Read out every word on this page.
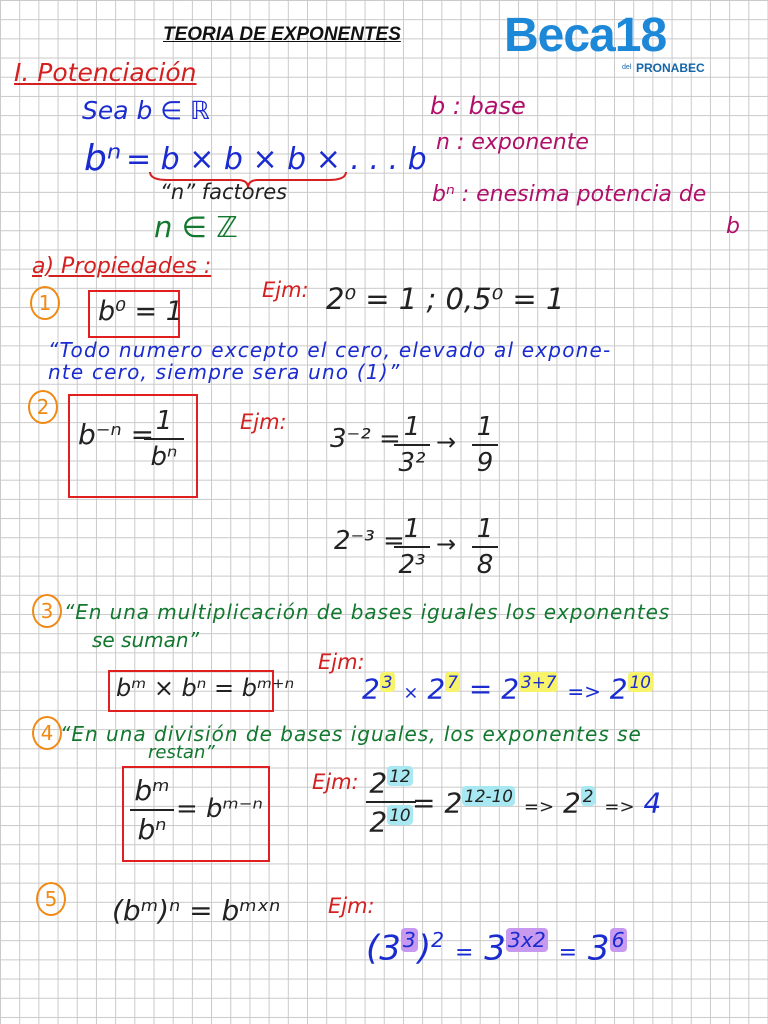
TEORIA DE EXPONENTES Beca18
del PRONABEC
I. Potenciación
Sea b ∈ ℝ
bⁿ = b × b × b × . . . b
“n” factores
n ∈ ℤ
b : base
n : exponente
bⁿ : enesima potencia de
b
a) Propiedades :
1	b⁰ = 1
Ejm: 2⁰ = 1 ; 0,5⁰ = 1
“Todo numero excepto el cero, elevado al expone-
nte cero, siempre sera uno (1)”
2
b⁻ⁿ = 1
bⁿ
Ejm:
3⁻² = 1
3²
→ 1
9
2⁻³ =
1
2³
→ 1
8
3 “En una multiplicación de bases iguales los exponentes
se suman”
Ejm:
bᵐ × bⁿ = bᵐ⁺ⁿ 2 $^3$ × 2 $^7$ = 2 $^{3+7}$ => 2 $^{10}$
4 “En una división de bases iguales, los exponentes se
restan”
bᵐ
bⁿ
= bᵐ⁻ⁿ
Ejm: 2 $^{12}$
2 $^{10}$ = 2 $^{12-10}$ => 2 $^2$ => 4
5	(bᵐ)ⁿ = bᵐˣⁿ Ejm:
$(3^3)^2 = 3^{3x2} = 3^6$
